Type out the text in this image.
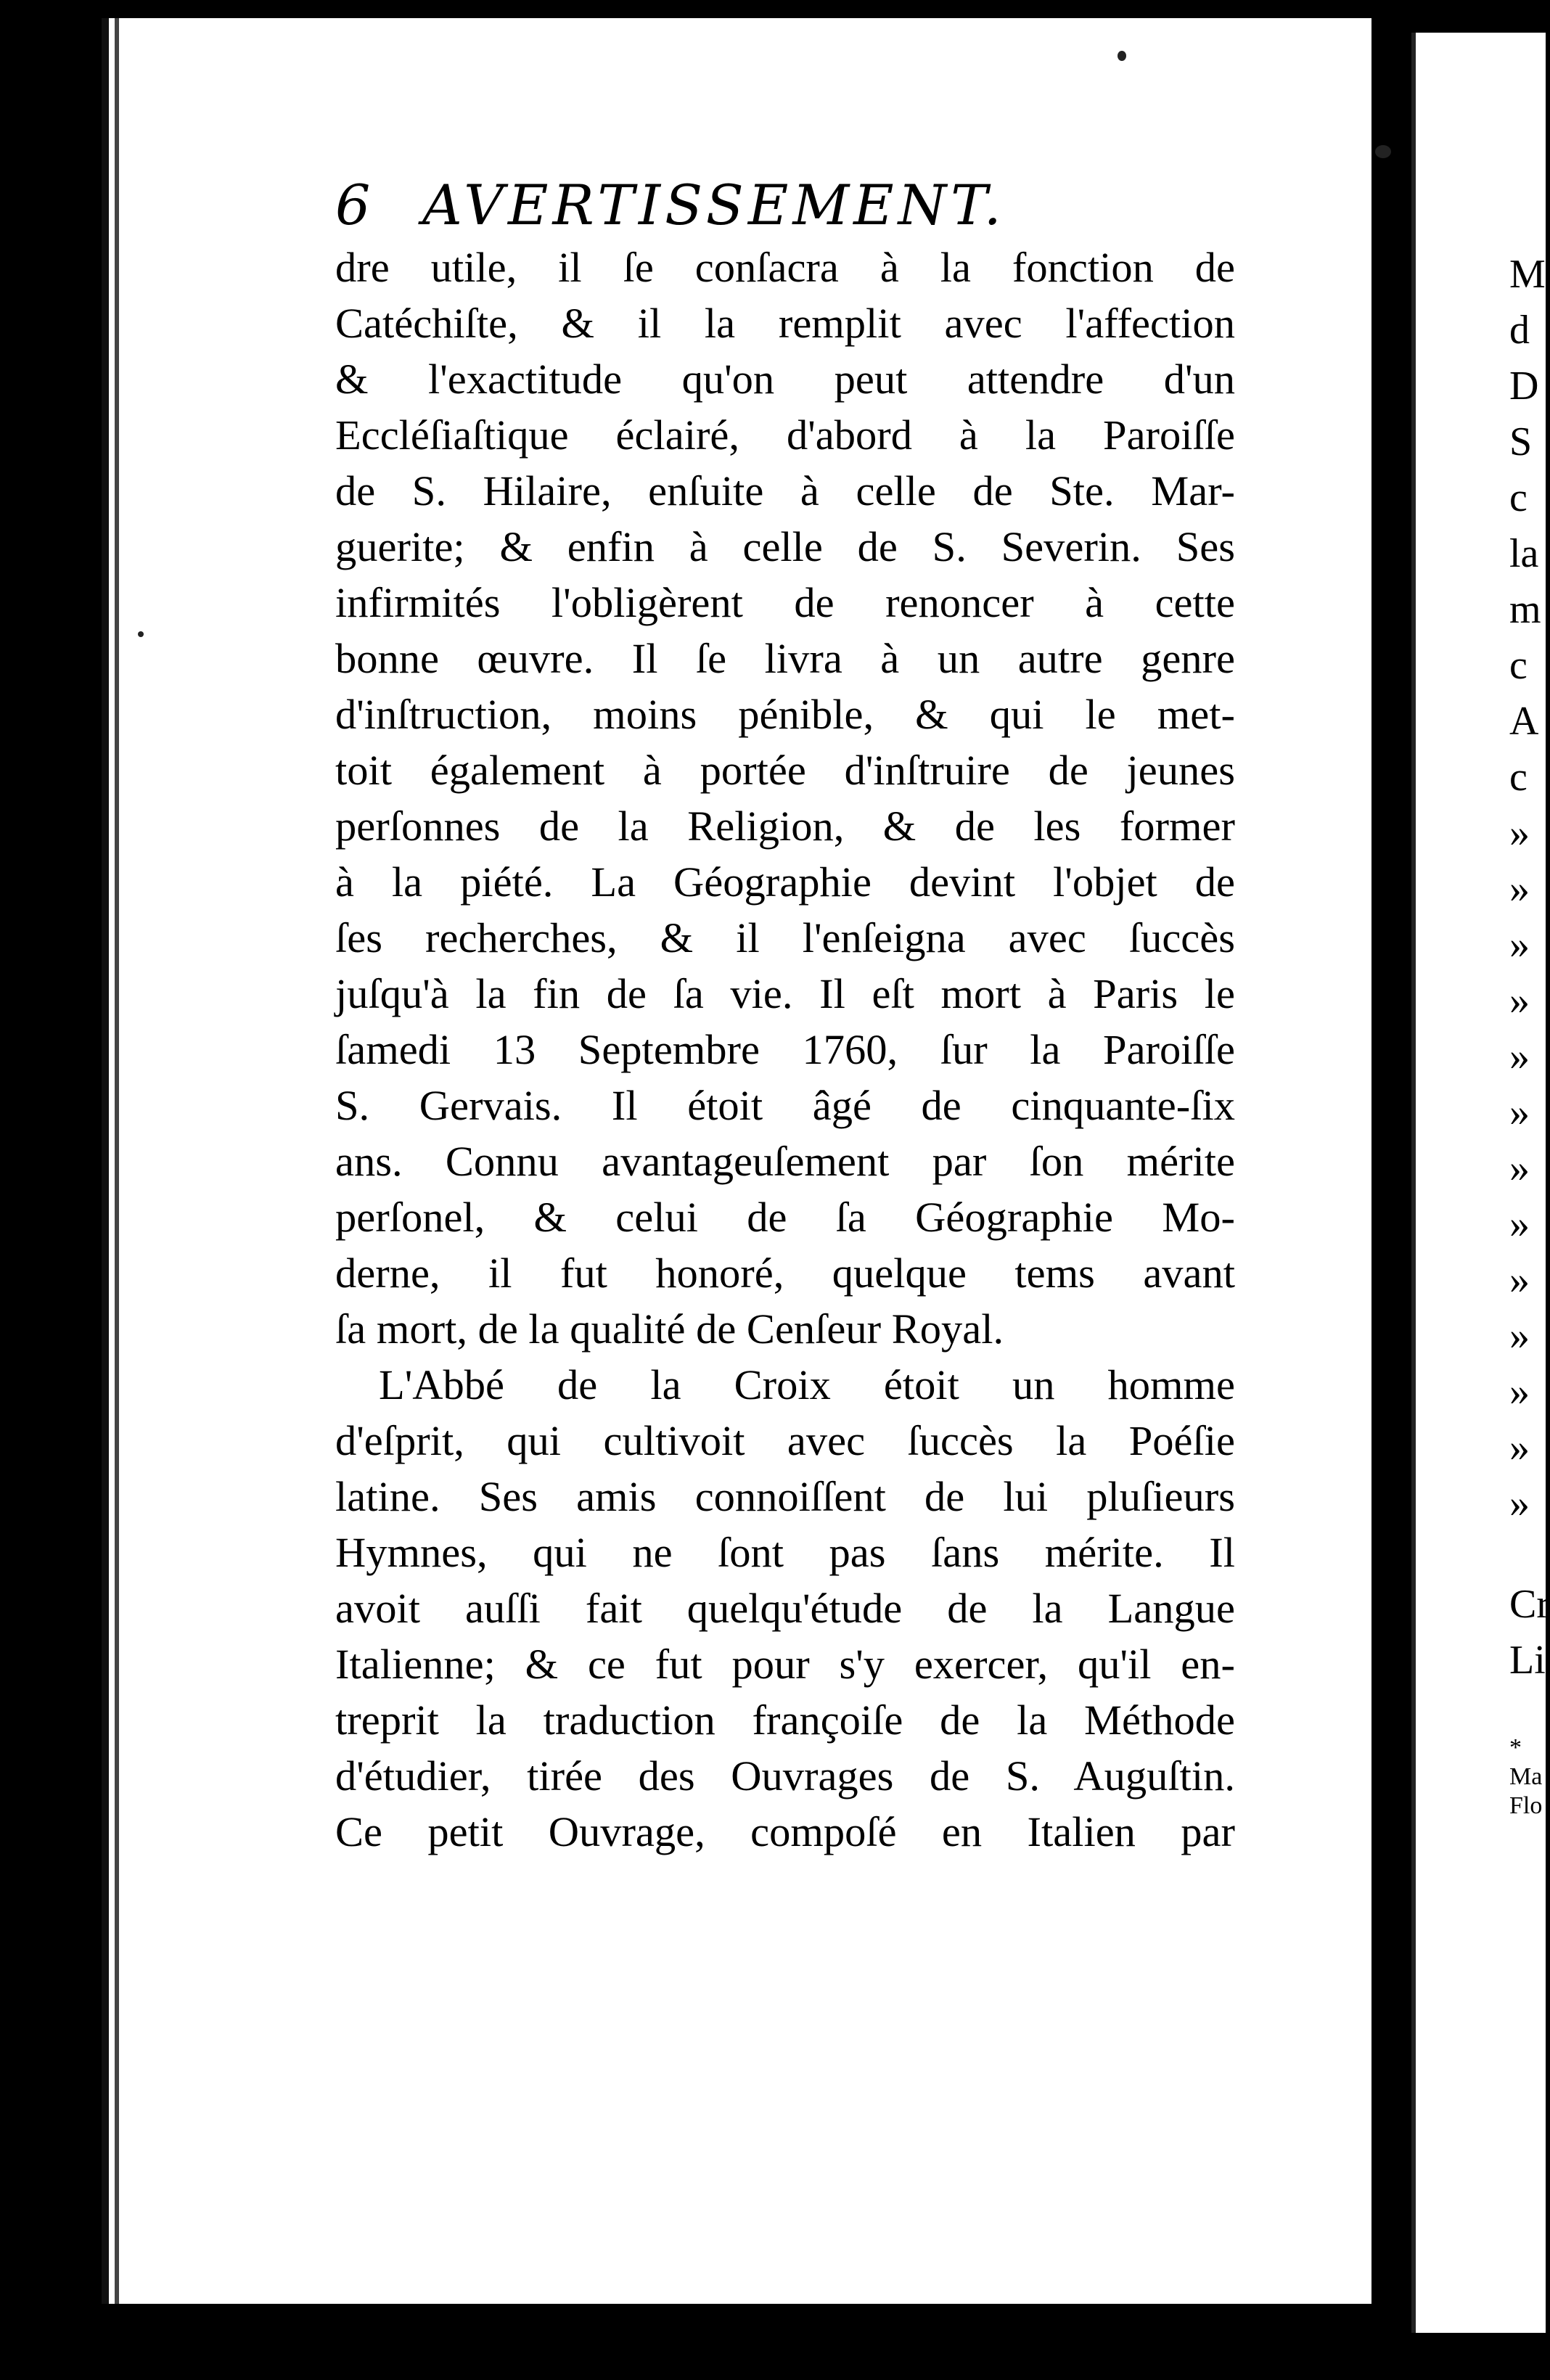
6 AVERTISSEMENT.
dre utile, il ſe conſacra à la fonction de
Catéchiſte, & il la remplit avec l'affection
& l'exactitude qu'on peut attendre d'un
Eccléſiaſtique éclairé, d'abord à la Paroiſſe
de S. Hilaire, enſuite à celle de Ste. Mar-
guerite; & enfin à celle de S. Severin. Ses
infirmités l'obligèrent de renoncer à cette
bonne œuvre. Il ſe livra à un autre genre
d'inſtruction, moins pénible, & qui le met-
toit également à portée d'inſtruire de jeunes
perſonnes de la Religion, & de les former
à la piété. La Géographie devint l'objet de
ſes recherches, & il l'enſeigna avec ſuccès
juſqu'à la fin de ſa vie. Il eſt mort à Paris le
ſamedi 13 Septembre 1760, ſur la Paroiſſe
S. Gervais. Il étoit âgé de cinquante-ſix
ans. Connu avantageuſement par ſon mérite
perſonel, & celui de ſa Géographie Mo-
derne, il fut honoré, quelque tems avant
ſa mort, de la qualité de Cenſeur Royal.
L'Abbé de la Croix étoit un homme
d'eſprit, qui cultivoit avec ſuccès la Poéſie
latine. Ses amis connoiſſent de lui pluſieurs
Hymnes, qui ne ſont pas ſans mérite. Il
avoit auſſi fait quelqu'étude de la Langue
Italienne; & ce fut pour s'y exercer, qu'il en-
treprit la traduction françoiſe de la Méthode
d'étudier, tirée des Ouvrages de S. Auguſtin.
Ce petit Ouvrage, compoſé en Italien par
M
d
D
S
c
la
m
c
A
c
»
»
»
»
»
»
»
»
»
»
»
»
»
Cr
Li
*
Ma
Flo
